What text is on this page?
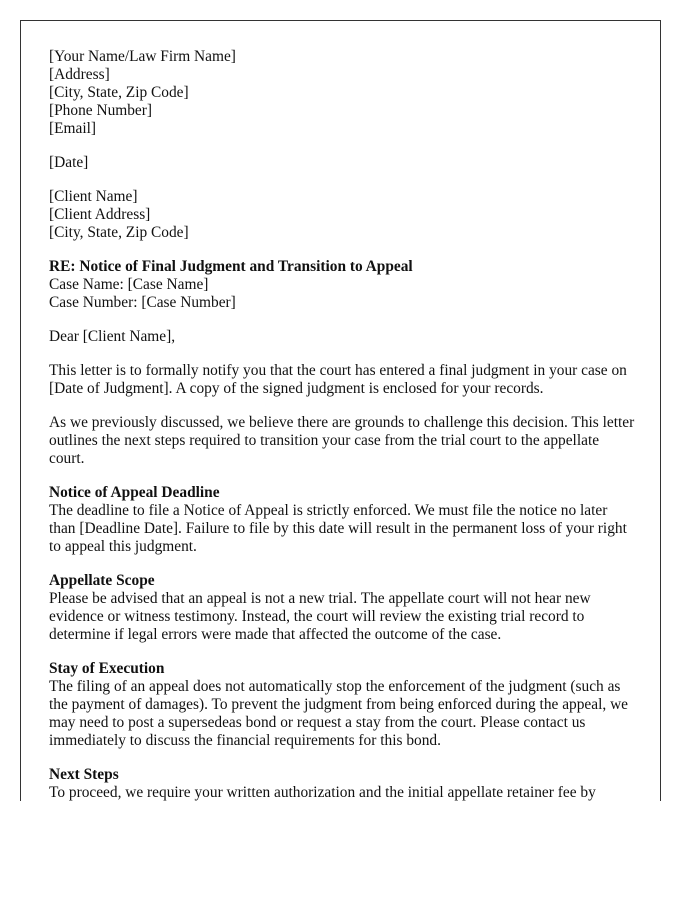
[Your Name/Law Firm Name]
[Address]
[City, State, Zip Code]
[Phone Number]
[Email]

[Date]

[Client Name]
[Client Address]
[City, State, Zip Code]

RE: Notice of Final Judgment and Transition to Appeal
Case Name: [Case Name]
Case Number: [Case Number]

Dear [Client Name],

This letter is to formally notify you that the court has entered a final judgment in your case on [Date of Judgment]. A copy of the signed judgment is enclosed for your records.

As we previously discussed, we believe there are grounds to challenge this decision. This letter outlines the next steps required to transition your case from the trial court to the appellate court.

Notice of Appeal Deadline
The deadline to file a Notice of Appeal is strictly enforced. We must file the notice no later than [Deadline Date]. Failure to file by this date will result in the permanent loss of your right to appeal this judgment.

Appellate Scope
Please be advised that an appeal is not a new trial. The appellate court will not hear new evidence or witness testimony. Instead, the court will review the existing trial record to determine if legal errors were made that affected the outcome of the case.

Stay of Execution
The filing of an appeal does not automatically stop the enforcement of the judgment (such as the payment of damages). To prevent the judgment from being enforced during the appeal, we may need to post a supersedeas bond or request a stay from the court. Please contact us immediately to discuss the financial requirements for this bond.

Next Steps
To proceed, we require your written authorization and the initial appellate retainer fee by
